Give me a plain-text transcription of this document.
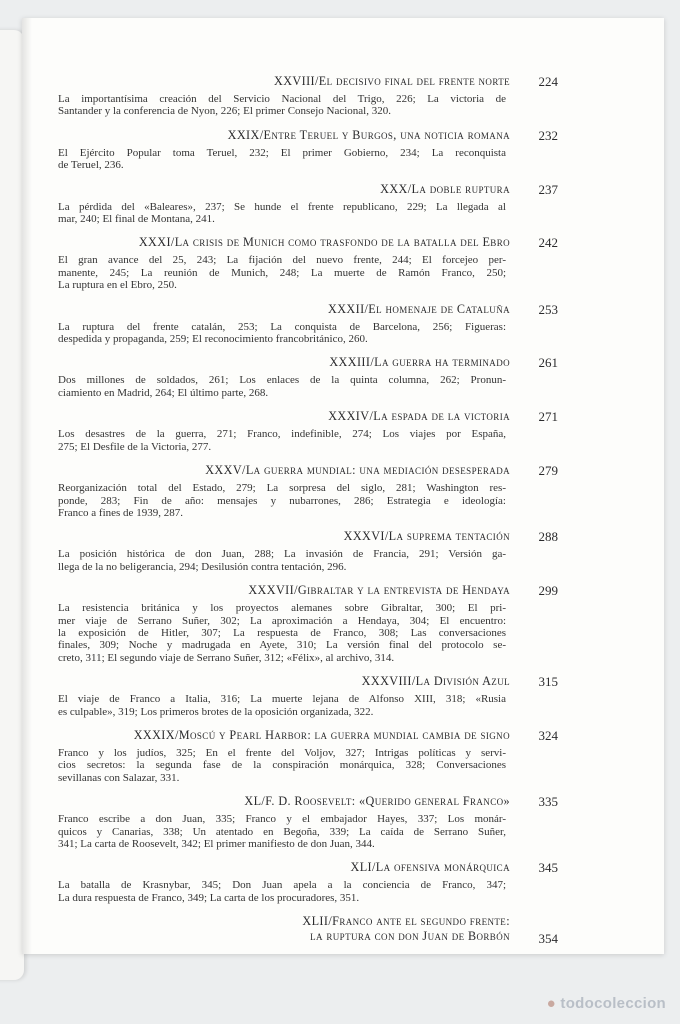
XXVIII/El decisivo final del frente norte	224
La importantísima creación del Servicio Nacional del Trigo, 226; La victoria de
Santander y la conferencia de Nyon, 226; El primer Consejo Nacional, 320.
XXIX/Entre Teruel y Burgos, una noticia romana	232
El Ejército Popular toma Teruel, 232; El primer Gobierno, 234; La reconquista
de Teruel, 236.
XXX/La doble ruptura	237
La pérdida del «Baleares», 237; Se hunde el frente republicano, 229; La llegada al
mar, 240; El final de Montana, 241.
XXXI/La crisis de Munich como trasfondo de la batalla del Ebro	242
El gran avance del 25, 243; La fijación del nuevo frente, 244; El forcejeo per-
manente, 245; La reunión de Munich, 248; La muerte de Ramón Franco, 250;
La ruptura en el Ebro, 250.
XXXII/El homenaje de Cataluña	253
La ruptura del frente catalán, 253; La conquista de Barcelona, 256; Figueras:
despedida y propaganda, 259; El reconocimiento francobritánico, 260.
XXXIII/La guerra ha terminado	261
Dos millones de soldados, 261; Los enlaces de la quinta columna, 262; Pronun-
ciamiento en Madrid, 264; El último parte, 268.
XXXIV/La espada de la victoria	271
Los desastres de la guerra, 271; Franco, indefinible, 274; Los viajes por España,
275; El Desfile de la Victoria, 277.
XXXV/La guerra mundial: una mediación desesperada	279
Reorganización total del Estado, 279; La sorpresa del siglo, 281; Washington res-
ponde, 283; Fin de año: mensajes y nubarrones, 286; Estrategia e ideología:
Franco a fines de 1939, 287.
XXXVI/La suprema tentación	288
La posición histórica de don Juan, 288; La invasión de Francia, 291; Versión ga-
llega de la no beligerancia, 294; Desilusión contra tentación, 296.
XXXVII/Gibraltar y la entrevista de Hendaya	299
La resistencia británica y los proyectos alemanes sobre Gibraltar, 300; El pri-
mer viaje de Serrano Suñer, 302; La aproximación a Hendaya, 304; El encuentro:
la exposición de Hitler, 307; La respuesta de Franco, 308; Las conversaciones
finales, 309; Noche y madrugada en Ayete, 310; La versión final del protocolo se-
creto, 311; El segundo viaje de Serrano Suñer, 312; «Félix», al archivo, 314.
XXXVIII/La División Azul	315
El viaje de Franco a Italia, 316; La muerte lejana de Alfonso XIII, 318; «Rusia
es culpable», 319; Los primeros brotes de la oposición organizada, 322.
XXXIX/Moscú y Pearl Harbor: la guerra mundial cambia de signo	324
Franco y los judíos, 325; En el frente del Voljov, 327; Intrigas políticas y servi-
cios secretos: la segunda fase de la conspiración monárquica, 328; Conversaciones
sevillanas con Salazar, 331.
XL/F. D. Roosevelt: «Querido general Franco»	335
Franco escribe a don Juan, 335; Franco y el embajador Hayes, 337; Los monár-
quicos y Canarias, 338; Un atentado en Begoña, 339; La caída de Serrano Suñer,
341; La carta de Roosevelt, 342; El primer manifiesto de don Juan, 344.
XLI/La ofensiva monárquica	345
La batalla de Krasnybar, 345; Don Juan apela a la conciencia de Franco, 347;
La dura respuesta de Franco, 349; La carta de los procuradores, 351.
XLII/Franco ante el segundo frente:
la ruptura con don Juan de Borbón 354
● todocoleccion
